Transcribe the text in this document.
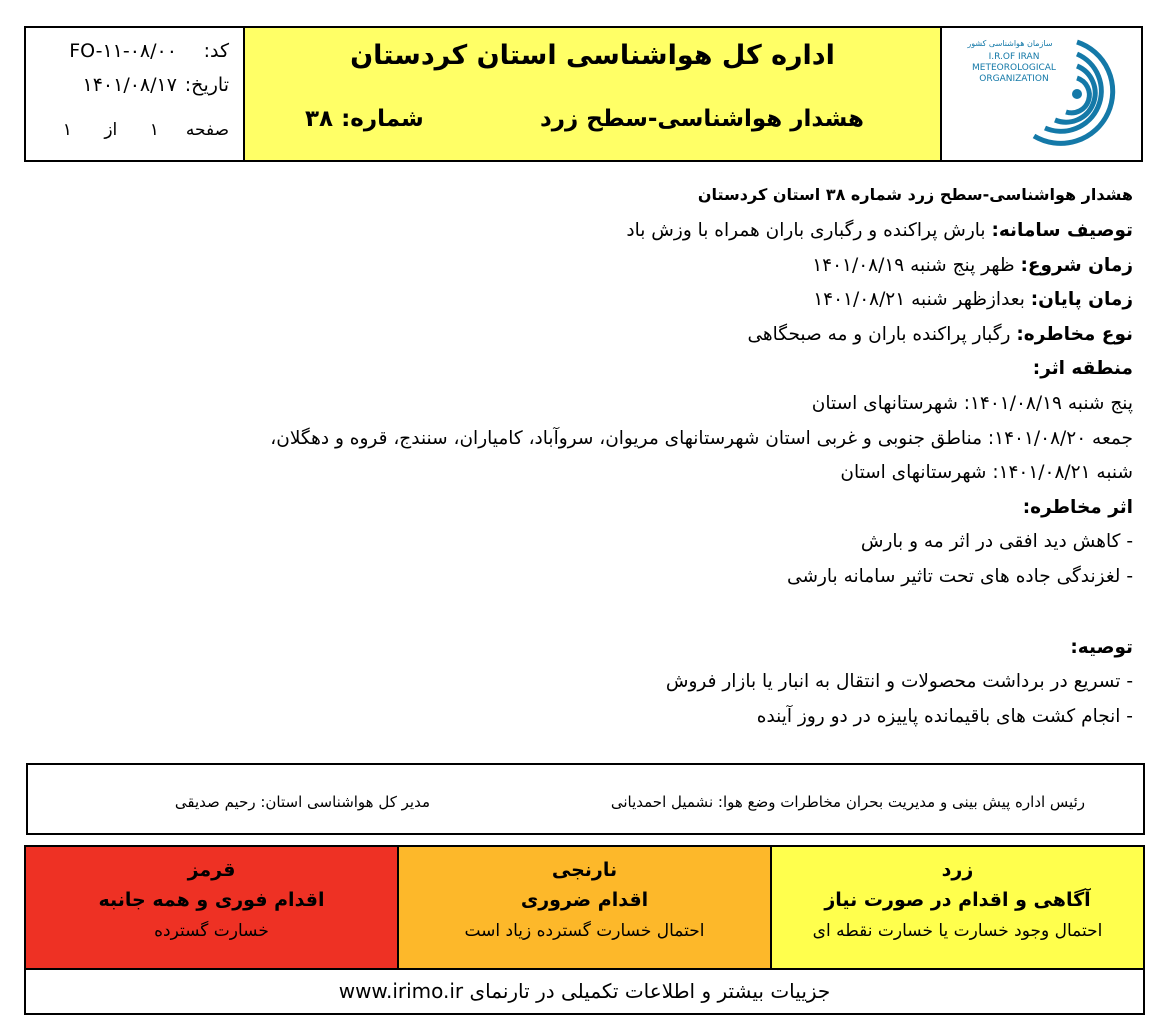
کد: FO-۱۱-۰۸/۰۰
تاریخ: ۱۴۰۱/۰۸/۱۷
صفحه     ۱      از      ۱
اداره کل هواشناسی استان کردستان
هشدار هواشناسی-سطح زرد
شماره: ۳۸
سازمان هواشناسی کشور
I.R.OF IRAN
METEOROLOGICAL
ORGANIZATION
هشدار هواشناسی-سطح زرد شماره ۳۸ استان کردستان
توصیف سامانه: بارش پراکنده و رگباری باران همراه با وزش باد
زمان شروع: ظهر پنج شنبه ۱۴۰۱/۰۸/۱۹
زمان پایان: بعدازظهر شنبه ۱۴۰۱/۰۸/۲۱
نوع مخاطره: رگبار پراکنده باران و مه صبحگاهی
منطقه اثر:
پنج شنبه ۱۴۰۱/۰۸/۱۹: شهرستانهای استان
جمعه ۱۴۰۱/۰۸/۲۰: مناطق جنوبی و غربی استان شهرستانهای مریوان، سروآباد، کامیاران، سنندج، قروه و دهگلان،
شنبه ۱۴۰۱/۰۸/۲۱: شهرستانهای استان
اثر مخاطره:
- کاهش دید افقی در اثر مه و بارش
- لغزندگی جاده های تحت تاثیر سامانه بارشی
توصیه:
- تسریع در برداشت محصولات و انتقال به انبار یا بازار فروش
- انجام کشت های باقیمانده پاییزه در دو روز آینده
رئیس اداره پیش بینی و مدیریت بحران مخاطرات وضع هوا: نشمیل احمدیانی
مدیر کل هواشناسی استان: رحیم صدیقی
زرد
آگاهی و اقدام در صورت نیاز
احتمال وجود خسارت یا خسارت نقطه ای
نارنجی
اقدام ضروری
احتمال خسارت گسترده زیاد است
قرمز
اقدام فوری و همه جانبه
خسارت گسترده
جزییات بیشتر و اطلاعات تکمیلی در تارنمای www.irimo.ir
